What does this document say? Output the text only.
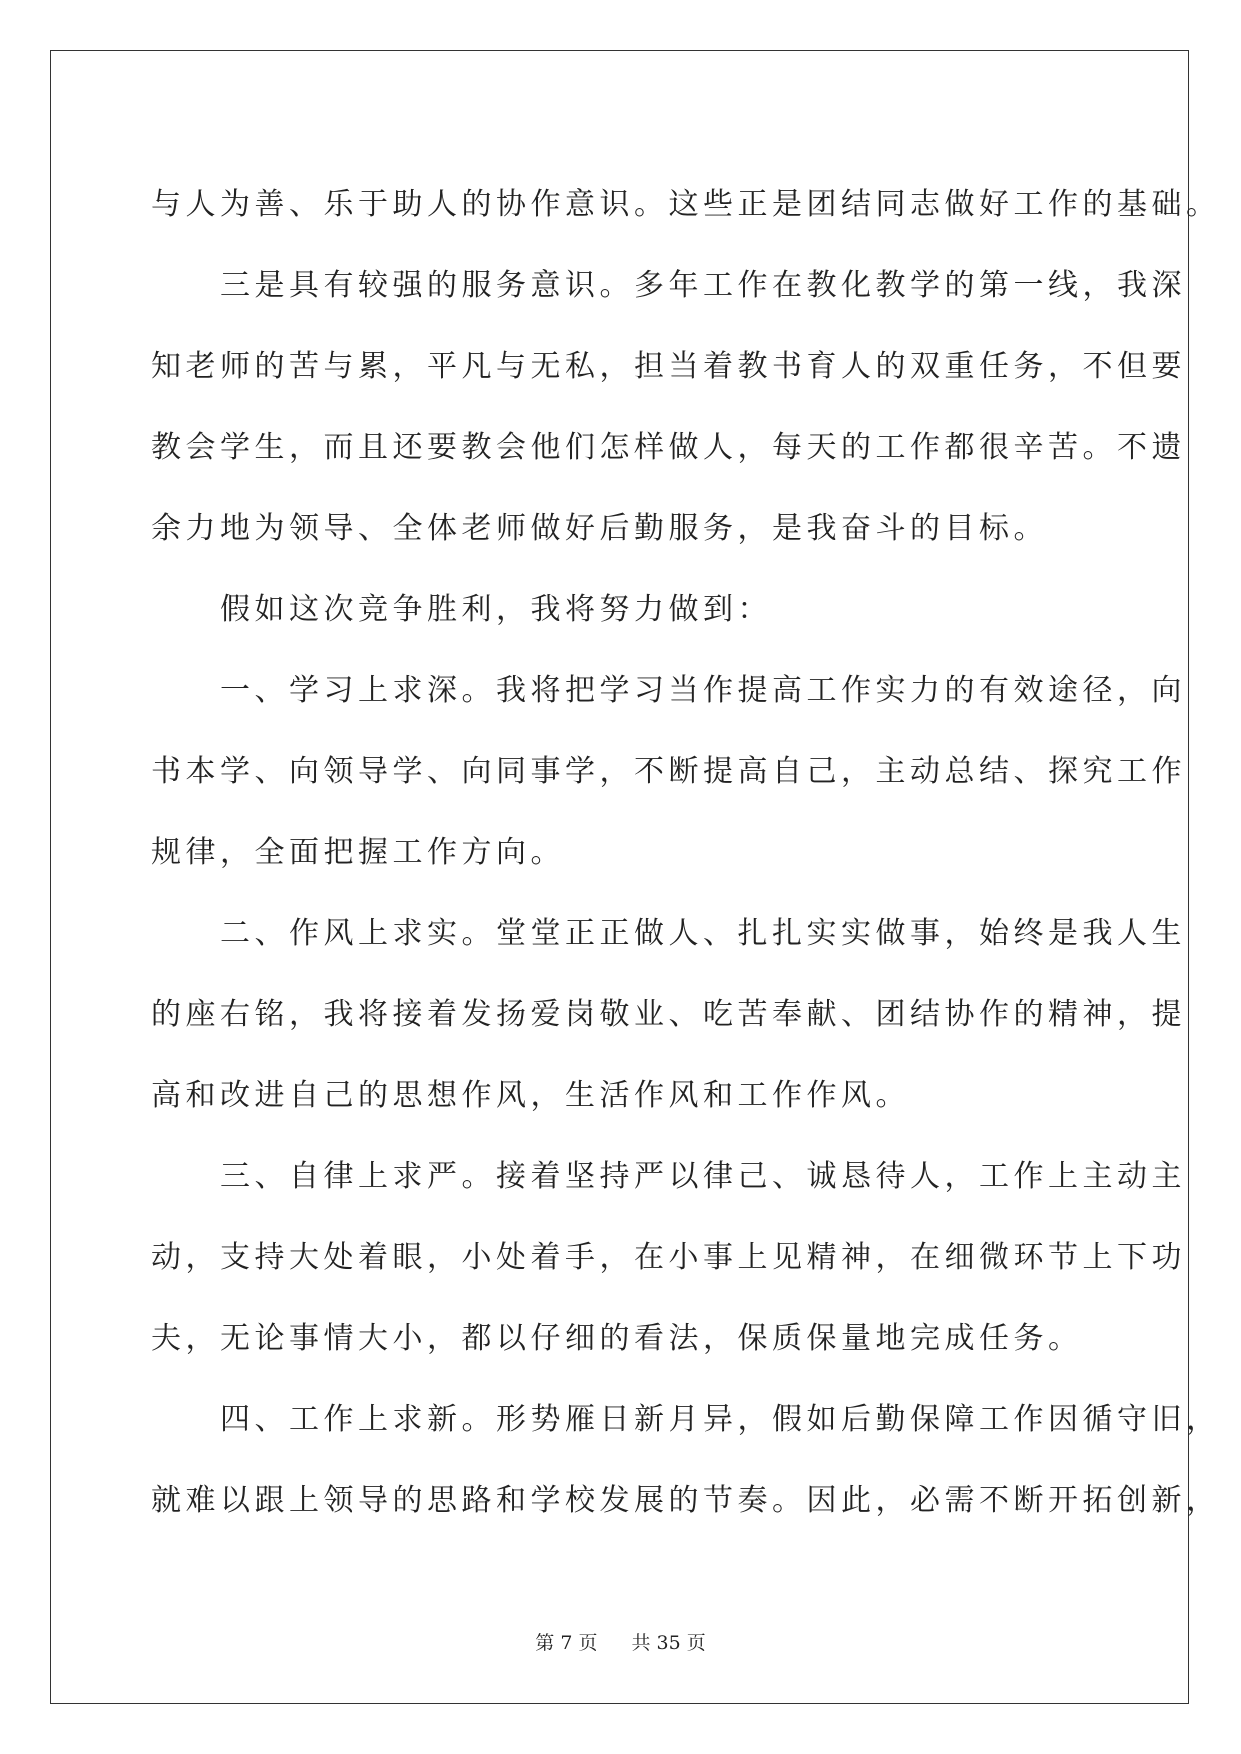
与人为善、乐于助人的协作意识。这些正是团结同志做好工作的基础。
　　三是具有较强的服务意识。多年工作在教化教学的第一线，我深
知老师的苦与累，平凡与无私，担当着教书育人的双重任务，不但要
教会学生，而且还要教会他们怎样做人，每天的工作都很辛苦。不遗
余力地为领导、全体老师做好后勤服务，是我奋斗的目标。
　　假如这次竞争胜利，我将努力做到：
　　一、学习上求深。我将把学习当作提高工作实力的有效途径，向
书本学、向领导学、向同事学，不断提高自己，主动总结、探究工作
规律，全面把握工作方向。
　　二、作风上求实。堂堂正正做人、扎扎实实做事，始终是我人生
的座右铭，我将接着发扬爱岗敬业、吃苦奉献、团结协作的精神，提
高和改进自己的思想作风，生活作风和工作作风。
　　三、自律上求严。接着坚持严以律己、诚恳待人，工作上主动主
动，支持大处着眼，小处着手，在小事上见精神，在细微环节上下功
夫，无论事情大小，都以仔细的看法，保质保量地完成任务。
　　四、工作上求新。形势雁日新月异，假如后勤保障工作因循守旧，
就难以跟上领导的思路和学校发展的节奏。因此，必需不断开拓创新，
第 7 页 共 35 页
